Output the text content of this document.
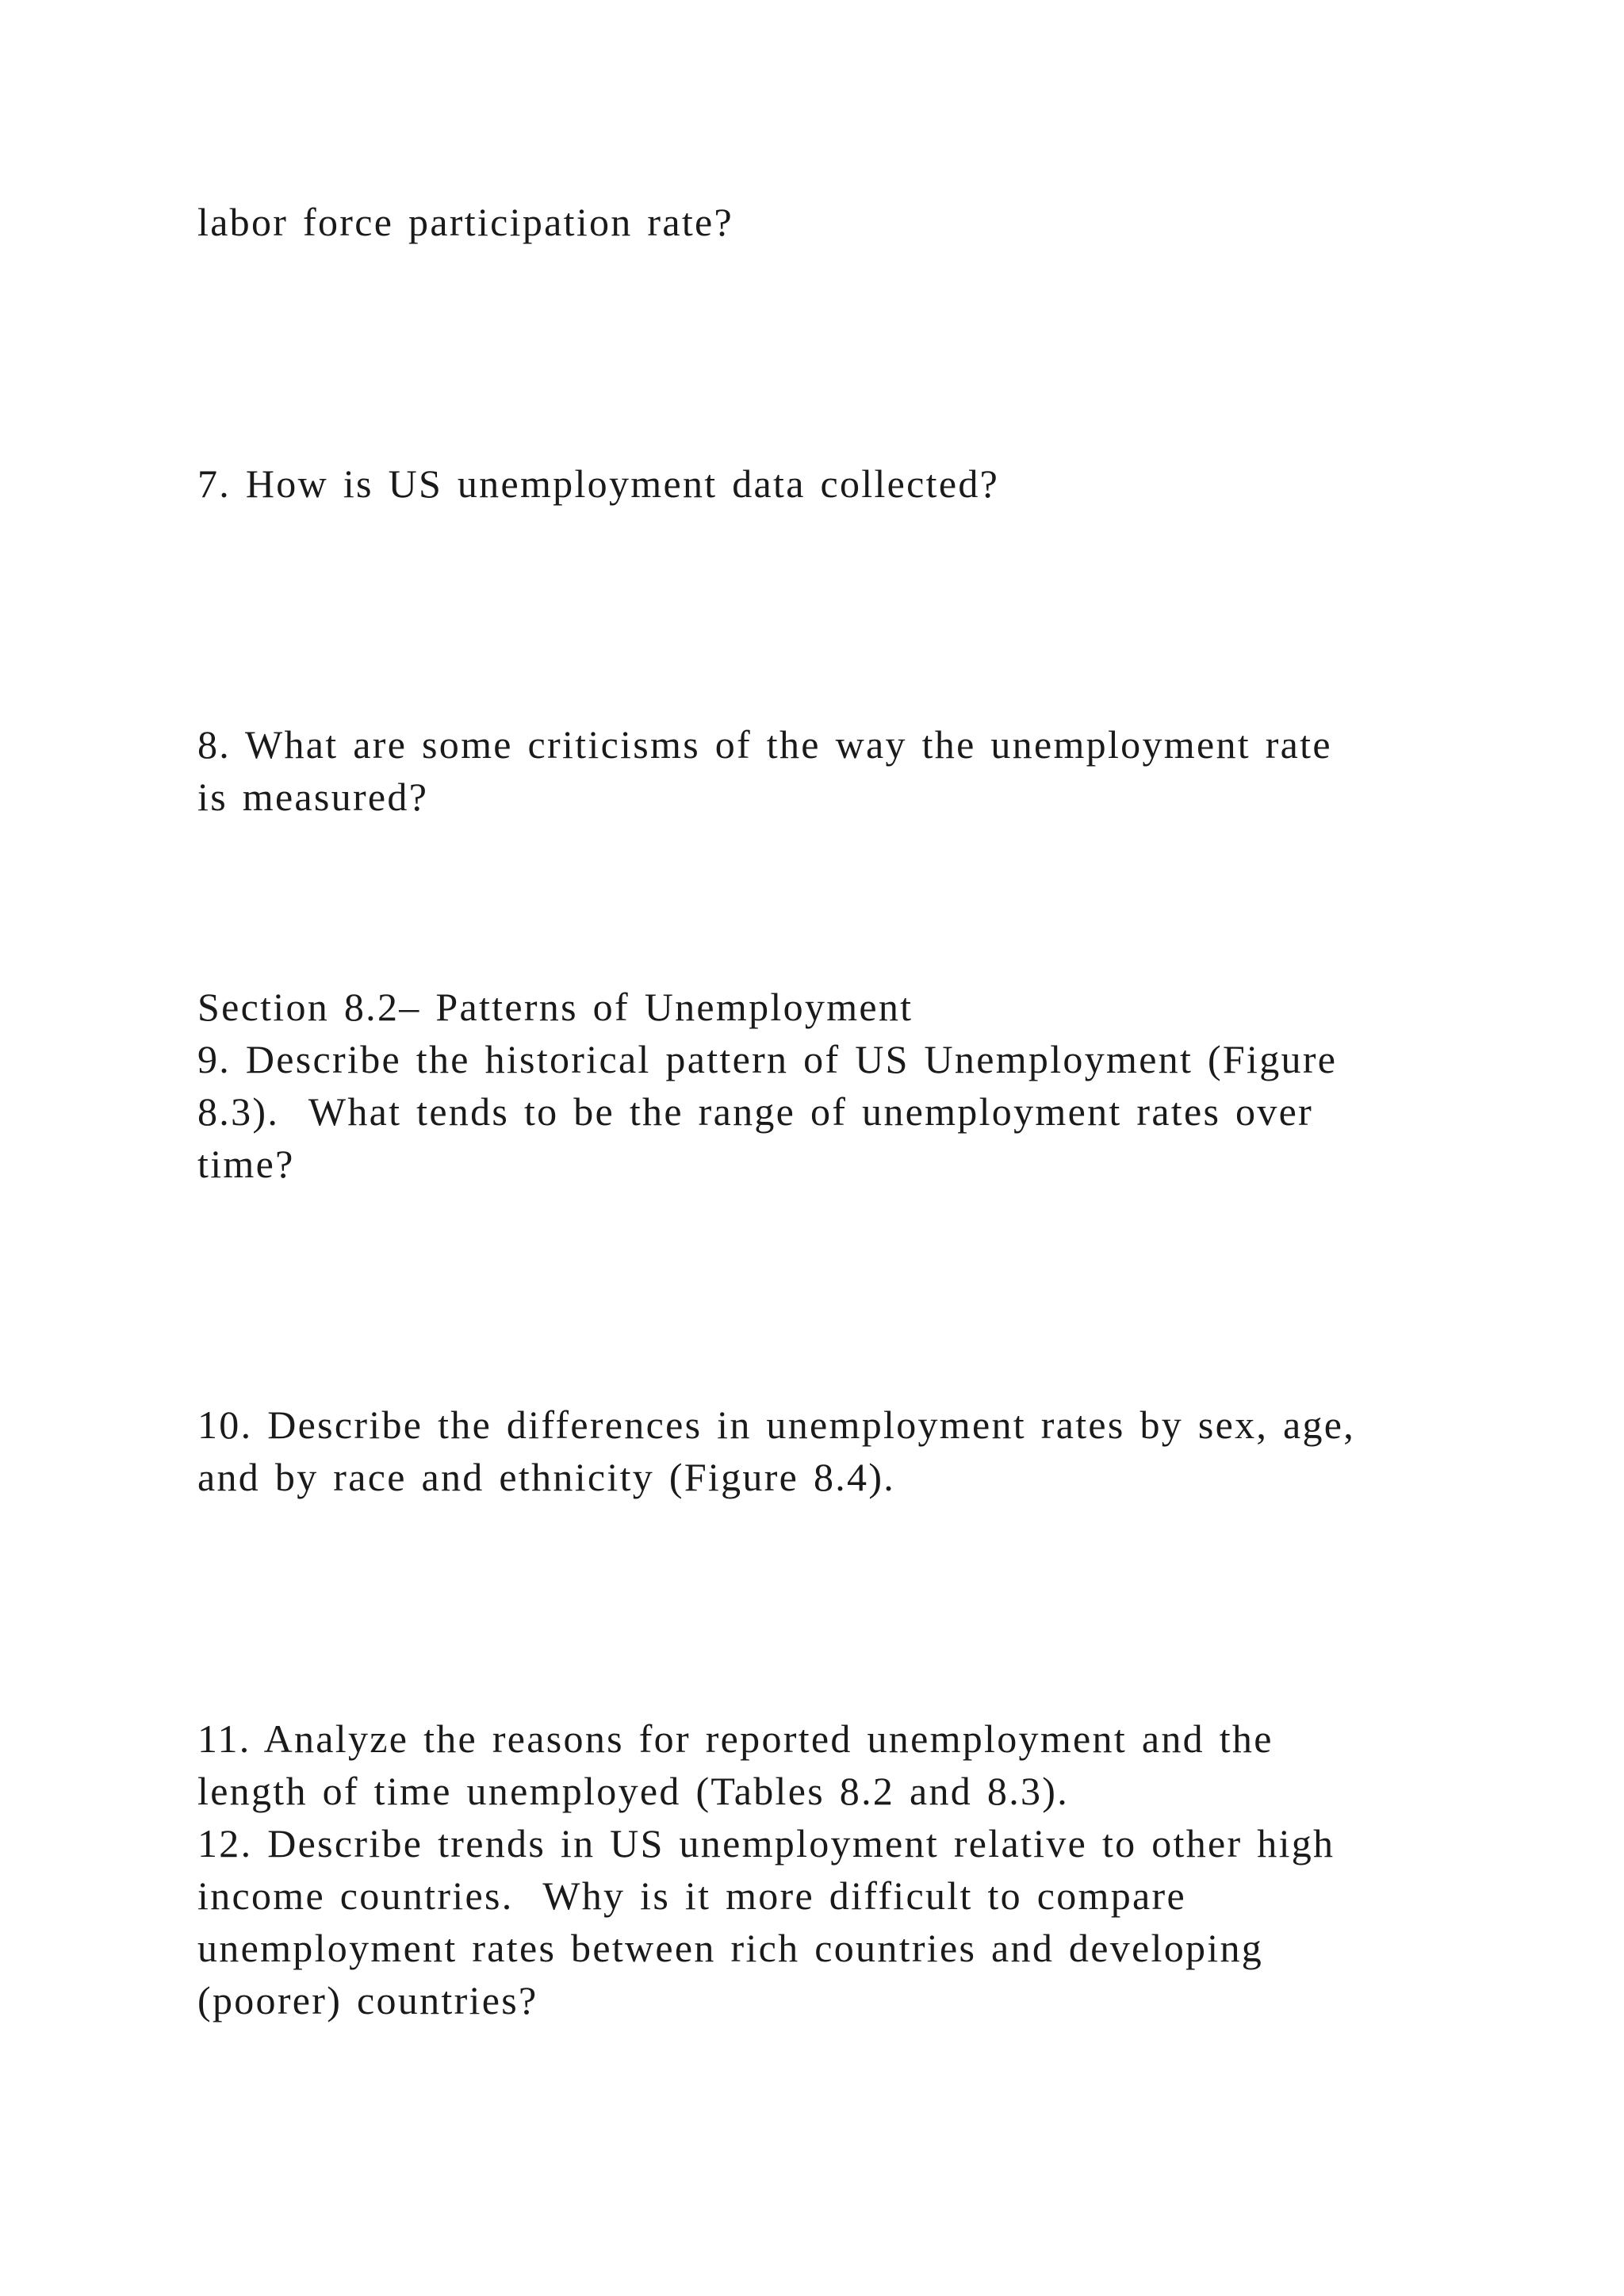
labor force participation rate?

7. How is US unemployment data collected?

8. What are some criticisms of the way the unemployment rate

is measured?

Section 8.2– Patterns of Unemployment

9. Describe the historical pattern of US Unemployment (Figure

8.3).  What tends to be the range of unemployment rates over

time?

10. Describe the differences in unemployment rates by sex, age,

and by race and ethnicity (Figure 8.4).

11. Analyze the reasons for reported unemployment and the

length of time unemployed (Tables 8.2 and 8.3).

12. Describe trends in US unemployment relative to other high

income countries.  Why is it more difficult to compare

unemployment rates between rich countries and developing

(poorer) countries?
